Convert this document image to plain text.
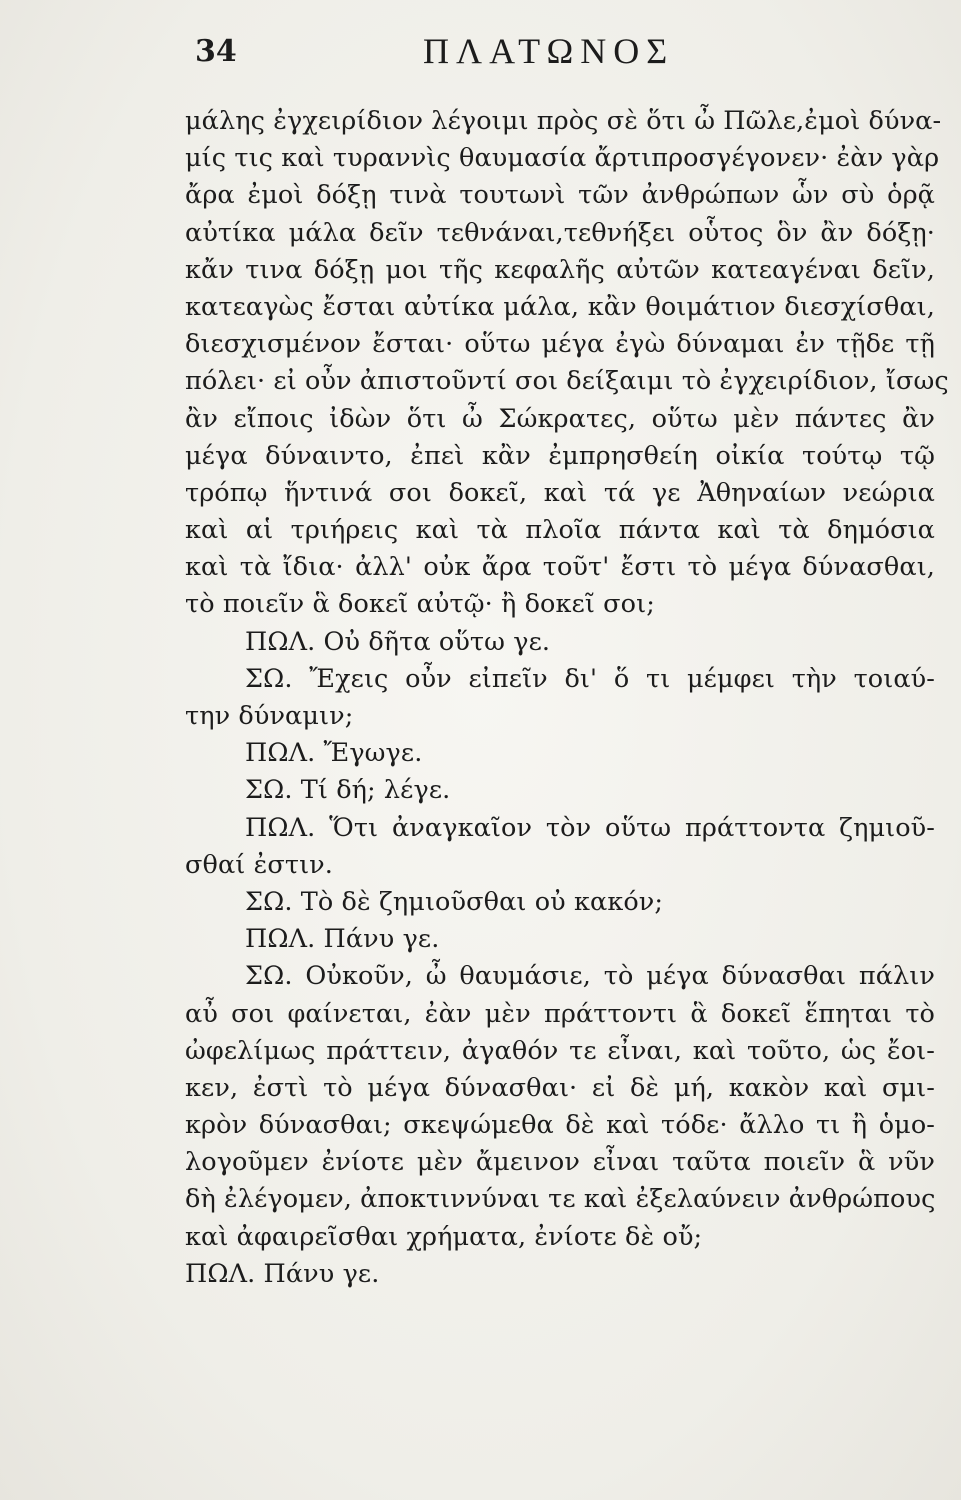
34	ΠΛΑΤΩΝΟΣ
μάλης ἐγχειρίδιον λέγοιμι πρὸς σὲ ὅτι ὦ Πῶλε,ἐμοὶ δύνα-
μίς τις καὶ τυραννὶς θαυμασία ἄρτιπροσγέγονεν· ἐὰν γὰρ
ἄρα ἐμοὶ δόξῃ τινὰ τουτωνὶ τῶν ἀνθρώπων ὧν σὺ ὁρᾷ
αὐτίκα μάλα δεῖν τεθνάναι,τεθνήξει οὗτος ὃν ἂν δόξῃ·
κἄν τινα δόξῃ μοι τῆς κεφαλῆς αὐτῶν κατεαγέναι δεῖν,
κατεαγὼς ἔσται αὐτίκα μάλα, κἂν θοιμάτιον διεσχίσθαι,
διεσχισμένον ἔσται· οὕτω μέγα ἐγὼ δύναμαι ἐν τῇδε τῇ
πόλει· εἰ οὖν ἀπιστοῦντί σοι δείξαιμι τὸ ἐγχειρίδιον, ἴσως
ἂν εἴποις ἰδὼν ὅτι ὦ Σώκρατες, οὕτω μὲν πάντες ἂν
μέγα δύναιντο, ἐπεὶ κἂν ἐμπρησθείη οἰκία τούτῳ τῷ
τρόπῳ ἥντινά σοι δοκεῖ, καὶ τά γε Ἀθηναίων νεώρια
καὶ αἱ τριήρεις καὶ τὰ πλοῖα πάντα καὶ τὰ δημόσια
καὶ τὰ ἴδια· ἀλλ' οὐκ ἄρα τοῦτ' ἔστι τὸ μέγα δύνασθαι,
τὸ ποιεῖν ἃ δοκεῖ αὐτῷ· ἢ δοκεῖ σοι;
ΠΩΛ. Οὐ δῆτα οὕτω γε.
ΣΩ. Ἔχεις οὖν εἰπεῖν δι' ὅ τι μέμφει τὴν τοιαύ-
την δύναμιν;
ΠΩΛ. Ἔγωγε.
ΣΩ. Τί δή; λέγε.
ΠΩΛ. Ὅτι ἀναγκαῖον τὸν οὕτω πράττοντα ζημιοῦ-
σθαί ἐστιν.
ΣΩ. Τὸ δὲ ζημιοῦσθαι οὐ κακόν;
ΠΩΛ. Πάνυ γε.
ΣΩ. Οὐκοῦν, ὦ θαυμάσιε, τὸ μέγα δύνασθαι πάλιν
αὖ σοι φαίνεται, ἐὰν μὲν πράττοντι ἃ δοκεῖ ἕπηται τὸ
ὠφελίμως πράττειν, ἀγαθόν τε εἶναι, καὶ τοῦτο, ὡς ἔοι-
κεν, ἐστὶ τὸ μέγα δύνασθαι· εἰ δὲ μή, κακὸν καὶ σμι-
κρὸν δύνασθαι; σκεψώμεθα δὲ καὶ τόδε· ἄλλο τι ἢ ὁμο-
λογοῦμεν ἐνίοτε μὲν ἄμεινον εἶναι ταῦτα ποιεῖν ἃ νῦν
δὴ ἐλέγομεν, ἀποκτιννύναι τε καὶ ἐξελαύνειν ἀνθρώπους
καὶ ἀφαιρεῖσθαι χρήματα, ἐνίοτε δὲ οὔ;
ΠΩΛ. Πάνυ γε.
